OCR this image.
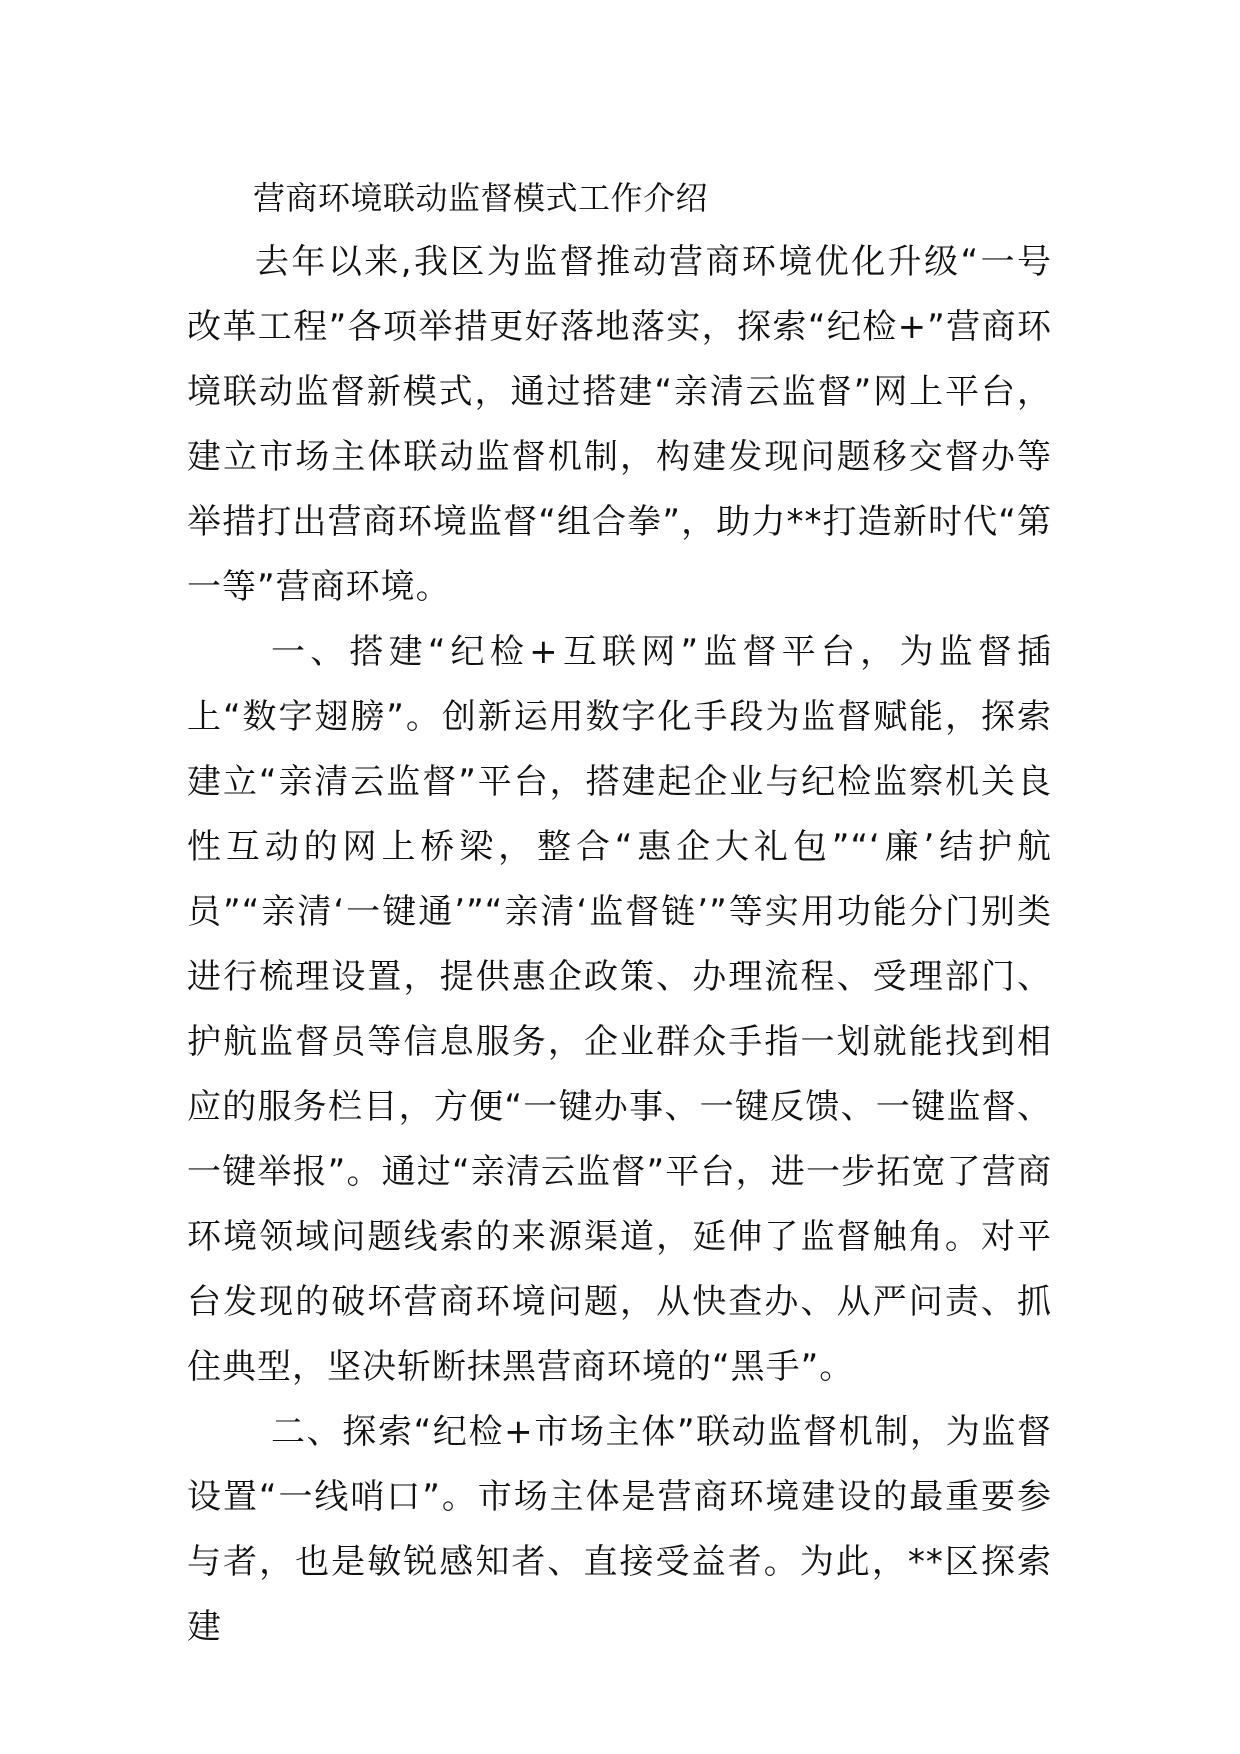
营商环境联动监督模式工作介绍

去年以来,我区为监督推动营商环境优化升级“一号改革工程”各项举措更好落地落实，探索“纪检+”营商环境联动监督新模式，通过搭建“亲清云监督”网上平台，建立市场主体联动监督机制，构建发现问题移交督办等举措打出营商环境监督“组合拳”，助力**打造新时代“第一等”营商环境。

一、搭建“纪检+互联网”监督平台，为监督插上“数字翅膀”。创新运用数字化手段为监督赋能，探索建立“亲清云监督”平台，搭建起企业与纪检监察机关良性互动的网上桥梁，整合“惠企大礼包”“‘廉’结护航员”“亲清‘一键通’”“亲清‘监督链’”等实用功能分门别类进行梳理设置，提供惠企政策、办理流程、受理部门、护航监督员等信息服务，企业群众手指一划就能找到相应的服务栏目，方便“一键办事、一键反馈、一键监督、一键举报”。通过“亲清云监督”平台，进一步拓宽了营商环境领域问题线索的来源渠道，延伸了监督触角。对平台发现的破坏营商环境问题，从快查办、从严问责、抓住典型，坚决斩断抹黑营商环境的“黑手”。

二、探索“纪检+市场主体”联动监督机制，为监督设置“一线哨口”。市场主体是营商环境建设的最重要参与者，也是敏锐感知者、直接受益者。为此，**区探索建
